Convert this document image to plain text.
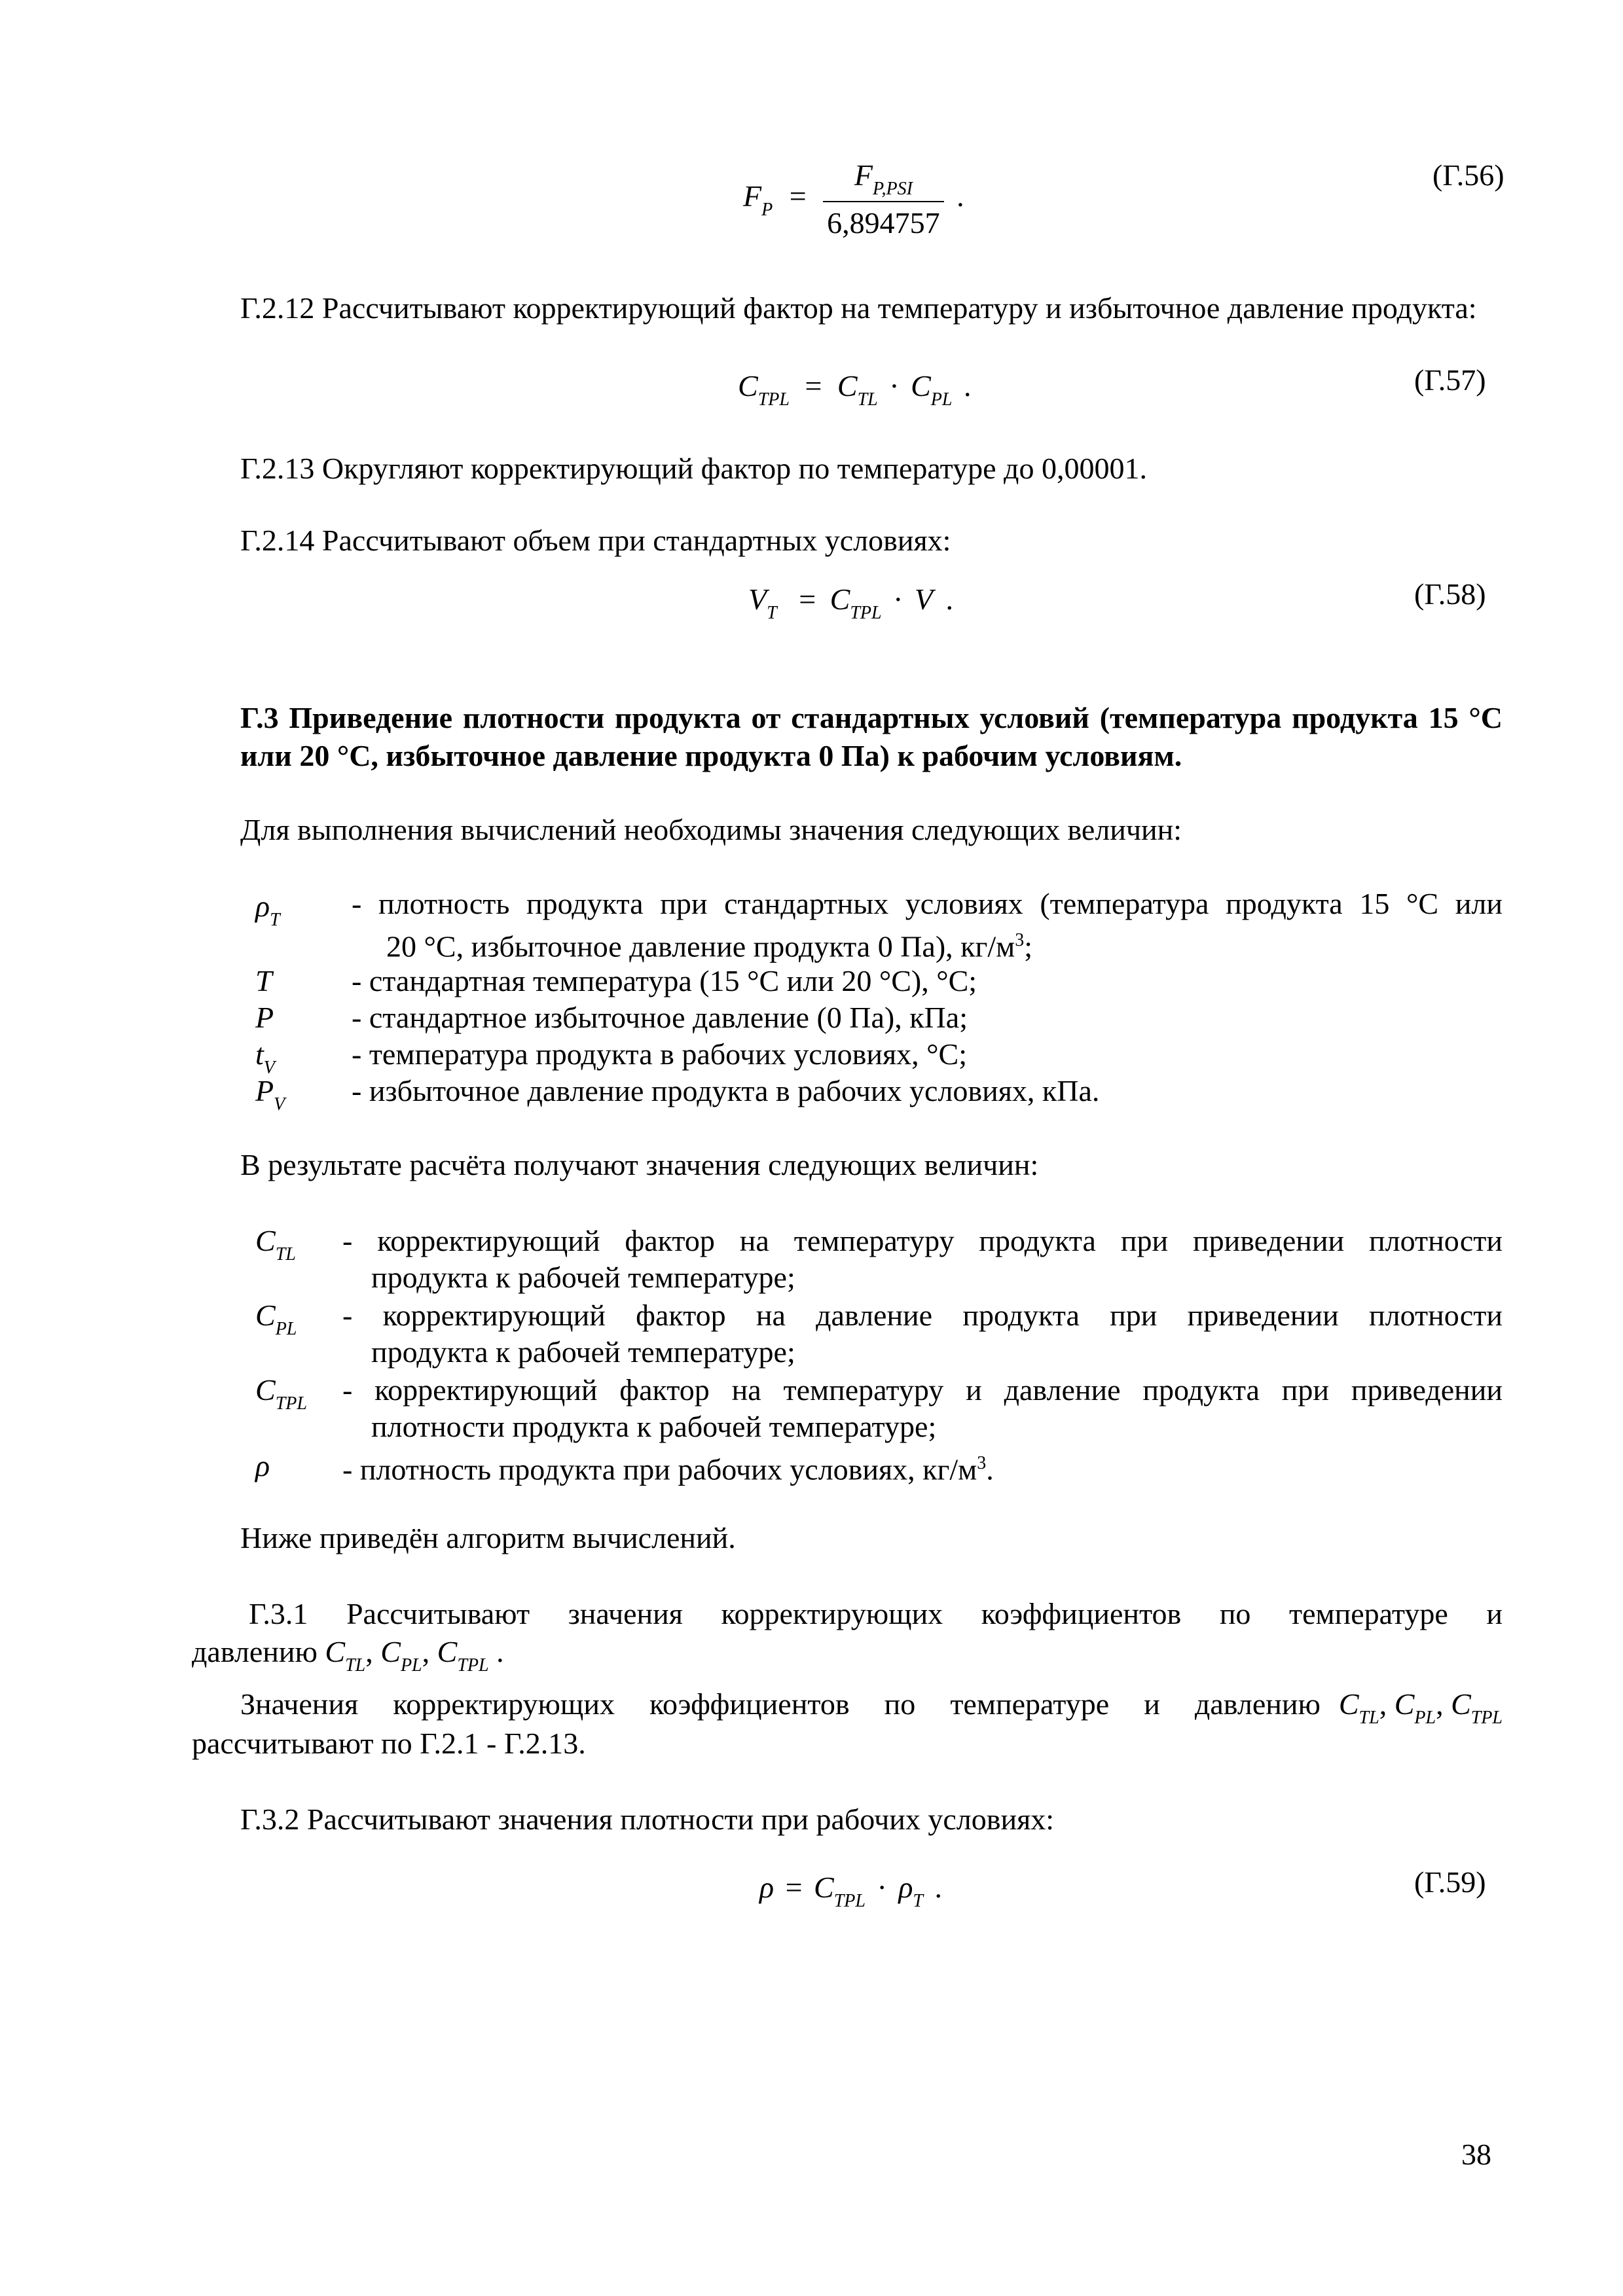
$F_P = \frac{F_{P,PSI}}{6,894757}$ .
(Г.56)
Г.2.12 Рассчитывают корректирующий фактор на температуру и избыточное давление продукта:
$C_{TPL} = C_{TL} \cdot C_{PL}$ .	(Г.57)
Г.2.13 Округляют корректирующий фактор по температуре до 0,00001.
Г.2.14 Рассчитывают объем при стандартных условиях:
$V_T = C_{TPL} \cdot V$ .	(Г.58)
Г.3 Приведение плотности продукта от стандартных условий (температура продукта 15 °С или 20 °С, избыточное давление продукта 0 Па) к рабочим условиям.
Для выполнения вычислений необходимы значения следующих величин:
$\rho_T$ - плотность продукта при стандартных условиях (температура продукта 15 °С или
20 °С, избыточное давление продукта 0 Па), $кг/м^3$;
T	- стандартная температура (15 °С или 20 °С), °С;
P	- стандартное избыточное давление (0 Па), кПа;
$t_V$	- температура продукта в рабочих условиях, °С;
$P_V$ - избыточное давление продукта в рабочих условиях, кПа.
В результате расчёта получают значения следующих величин:
$C_{TL}$ - корректирующий фактор на температуру продукта при приведении плотности
продукта к рабочей температуре;
$C_{PL}$ - корректирующий фактор на давление продукта при приведении плотности
продукта к рабочей температуре;
$C_{TPL}$ - корректирующий фактор на температуру и давление продукта при приведении
плотности продукта к рабочей температуре;
ρ - плотность продукта при рабочих условиях, $кг/м^3$.
Ниже приведён алгоритм вычислений.
Г.3.1 Рассчитывают значения корректирующих коэффициентов по температуре и
давлению $C_{TL}$, $C_{PL}$, $C_{TPL}$ .
Значения корректирующих коэффициентов по температуре и давлению $C_{TL}$, $C_{PL}$, $C_{TPL}$
рассчитывают по Г.2.1 - Г.2.13.
Г.3.2 Рассчитывают значения плотности при рабочих условиях:
$\rho = C_{TPL} \cdot \rho_T$ .	(Г.59)
38
